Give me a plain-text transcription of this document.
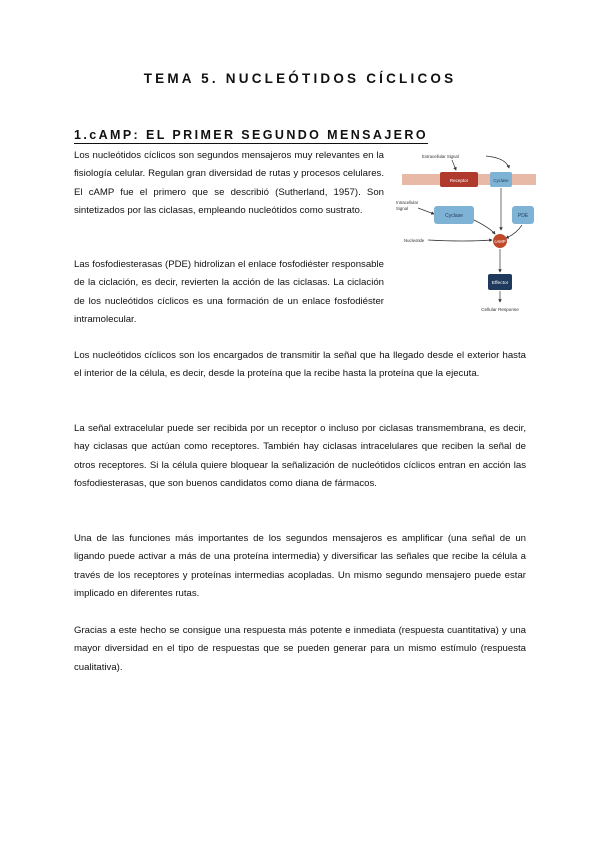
TEMA 5. NUCLEÓTIDOS CÍCLICOS
1.cAMP: EL PRIMER SEGUNDO MENSAJERO
Los nucleótidos cíclicos son segundos mensajeros muy relevantes en la fisiología celular. Regulan gran diversidad de rutas y procesos celulares. El cAMP fue el primero que se describió (Sutherland, 1957). Son sintetizados por las ciclasas, empleando nucleótidos como sustrato.
Las fosfodiesterasas (PDE) hidrolizan el enlace fosfodiéster responsable de la ciclación, es decir, revierten la acción de las ciclasas. La ciclación de los nucleótidos cíclicos es una formación de un enlace fosfodiéster intramolecular.
Los nucleótidos cíclicos son los encargados de transmitir la señal que ha llegado desde el exterior hasta el interior de la célula, es decir, desde la proteína que la recibe hasta la proteína que la ejecuta.
La señal extracelular puede ser recibida por un receptor o incluso por ciclasas transmembrana, es decir, hay ciclasas que actúan como receptores. También hay ciclasas intracelulares que reciben la señal de otros receptores. Si la célula quiere bloquear la señalización de nucleótidos cíclicos entran en acción las fosfodiesterasas, que son buenos candidatos como diana de fármacos.
Una de las funciones más importantes de los segundos mensajeros es amplificar (una señal de un ligando puede activar a más de una proteína intermedia) y diversificar las señales que recibe la célula a través de los receptores y proteínas intermedias acopladas. Un mismo segundo mensajero puede estar implicado en diferentes rutas.
Gracias a este hecho se consigue una respuesta más potente e inmediata (respuesta cuantitativa) y una mayor diversidad en el tipo de respuestas que se pueden generar para un mismo estímulo (respuesta cualitativa).
Extracellular Signal
Receptor	Cyclase
Intracellular
Signal
Cyclase	PDE
Nucleotide	cAMP
Effector
Cellular Response
